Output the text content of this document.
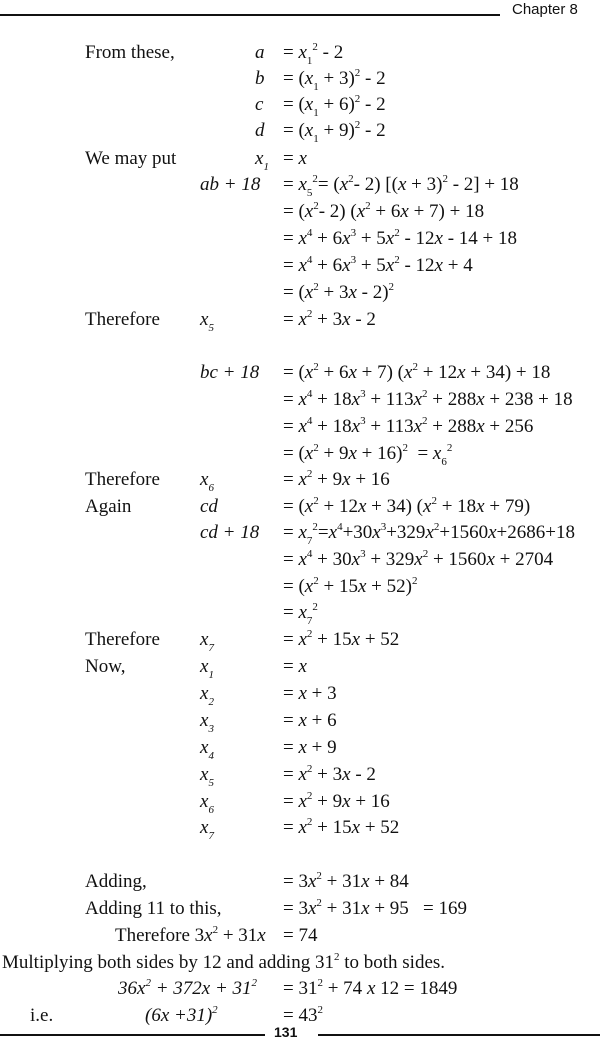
Chapter 8
From these,	$a = x_1^2 - 2$
$b = (x_1 + 3)^2 - 2$
$c = (x_1 + 6)^2 - 2$
$d = (x_1 + 9)^2 - 2$
We may put	$x_1 = x$
ab + $18 = x_5^2= (x^2-$ 2) $[(x + 3)^2 - 2] + 18$
= ($x^2-$ 2) $(x^2 + 6x + 7) + 18$
= $x^4 + 6x^3 + 5x^2 - 12x - 14 + 18$
= $x^4 + 6x^3 + 5x^2 - 12x + 4$
= $(x^2 + 3x - 2)^2$
Therefore $x_5$	= $x^2 + 3x - 2$
bc + $18 = (x^2 + 6x + 7) (x^2 + 12x + 34) + 18$
= $x^4 + 18x^3 + 113x^2 + 288x + 238 + 18$
= $x^4 + 18x^3 + 113x^2 + 288x + 256$
= $(x^2 + 9x + 16)^2 = x_6^2$
Therefore $x_6$	= $x^2 + 9x + 16$
Again	cd	= $(x^2 + 12x + 34) (x^2 + 18x + 79)$
cd + $18 = x_7^2=x^4+30x^3+329x^2+1560x+2686+18$
= $x^4 + 30x^3 + 329x^2 + 1560x + 2704$
= $(x^2 + 15x + 52)^2$
= $x_7^2$
Therefore $x_7$	= $x^2 + 15x + 52$
Now,	$x_1$	= x
$x_2$	= x + 3
$x_3$	= x + 6
$x_4$	= x + 9
$x_5$	= $x^2 + 3x - 2$
$x_6$	= $x^2 + 9x + 16$
$x_7$	= $x^2 + 15x + 52$
Adding,	= $3x^2 + 31x + 84$
Adding 11 to this,	= $3x^2 + 31x + 95 = 169$
Therefore $3x^2 + 31x = 74$
Multiplying both sides by 12 and adding $31^2$ to both sides.
$36x^2 + 372x + 31^2 = 31^2 + 74$ x 12 = 1849
i.e.	$(6x +31)^2$	= $43^2$
131
